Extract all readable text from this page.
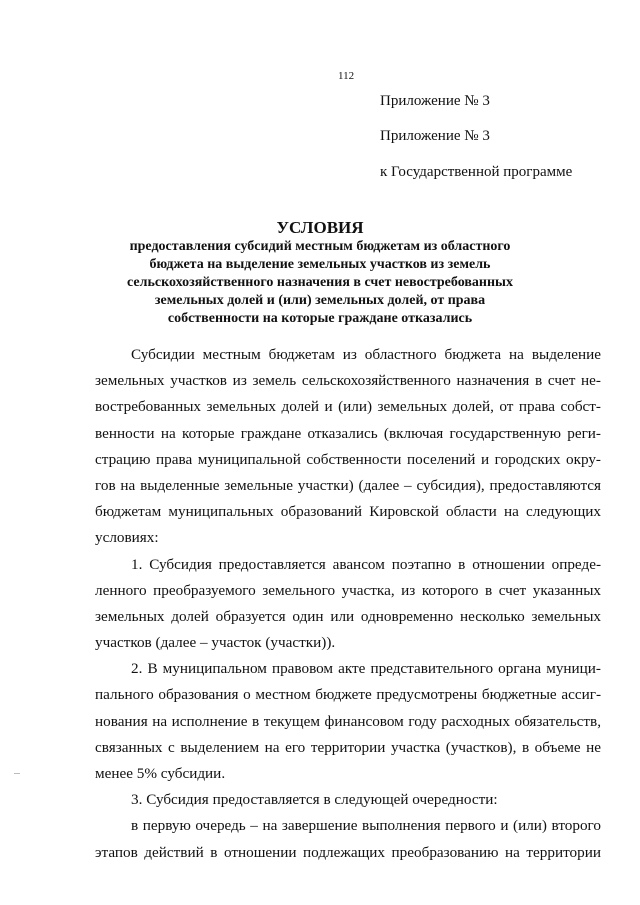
112
Приложение № 3
Приложение № 3
к Государственной программе
УСЛОВИЯ
предоставления субсидий местным бюджетам из областного
бюджета на выделение земельных участков из земель
сельскохозяйственного назначения в счет невостребованных
земельных долей и (или) земельных долей, от права
собственности на которые граждане отказались
Субсидии местным бюджетам из областного бюджета на выделение
земельных участков из земель сельскохозяйственного назначения в счет не-
востребованных земельных долей и (или) земельных долей, от права собст-
венности на которые граждане отказались (включая государственную реги-
страцию права муниципальной собственности поселений и городских окру-
гов на выделенные земельные участки) (далее – субсидия), предоставляются
бюджетам муниципальных образований Кировской области на следующих
условиях:
1. Субсидия предоставляется авансом поэтапно в отношении опреде-
ленного преобразуемого земельного участка, из которого в счет указанных
земельных долей образуется один или одновременно несколько земельных
участков (далее – участок (участки)).
2. В муниципальном правовом акте представительного органа муници-
пального образования о местном бюджете предусмотрены бюджетные ассиг-
нования на исполнение в текущем финансовом году расходных обязательств,
связанных с выделением на его территории участка (участков), в объеме не
менее 5% субсидии.
3. Субсидия предоставляется в следующей очередности:
в первую очередь – на завершение выполнения первого и (или) второго
этапов действий в отношении подлежащих преобразованию на территории
